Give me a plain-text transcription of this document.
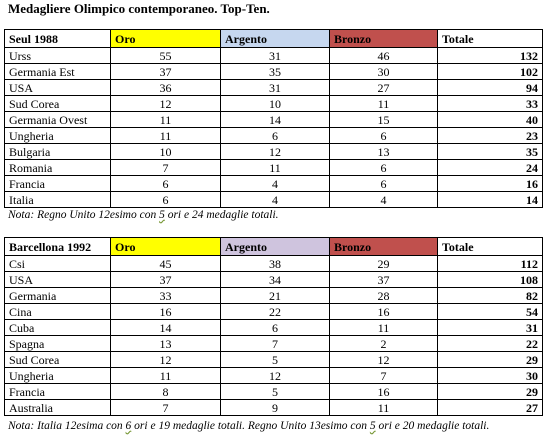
Medagliere Olimpico contemporaneo. Top-Ten.
Seul 1988	Oro	Argento	Bronzo	Totale
Urss	55	31	46	132
Germania Est	37	35	30	102
USA	36	31	27	94
Sud Corea	12	10	11	33
Germania Ovest	11	14	15	40
Ungheria	11	6	6	23
Bulgaria	10	12	13	35
Romania	7	11	6	24
Francia	6	4	6	16
Italia	6	4	4	14
Nota: Regno Unito 12esimo con 5 ori e 24 medaglie totali.
Barcellona 1992	Oro	Argento	Bronzo	Totale
Csi	45	38	29	112
USA	37	34	37	108
Germania	33	21	28	82
Cina	16	22	16	54
Cuba	14	6	11	31
Spagna	13	7	2	22
Sud Corea	12	5	12	29
Ungheria	11	12	7	30
Francia	8	5	16	29
Australia	7	9	11	27
Nota: Italia 12esima con 6 ori e 19 medaglie totali. Regno Unito 13esimo con 5 ori e 20 medaglie totali.
